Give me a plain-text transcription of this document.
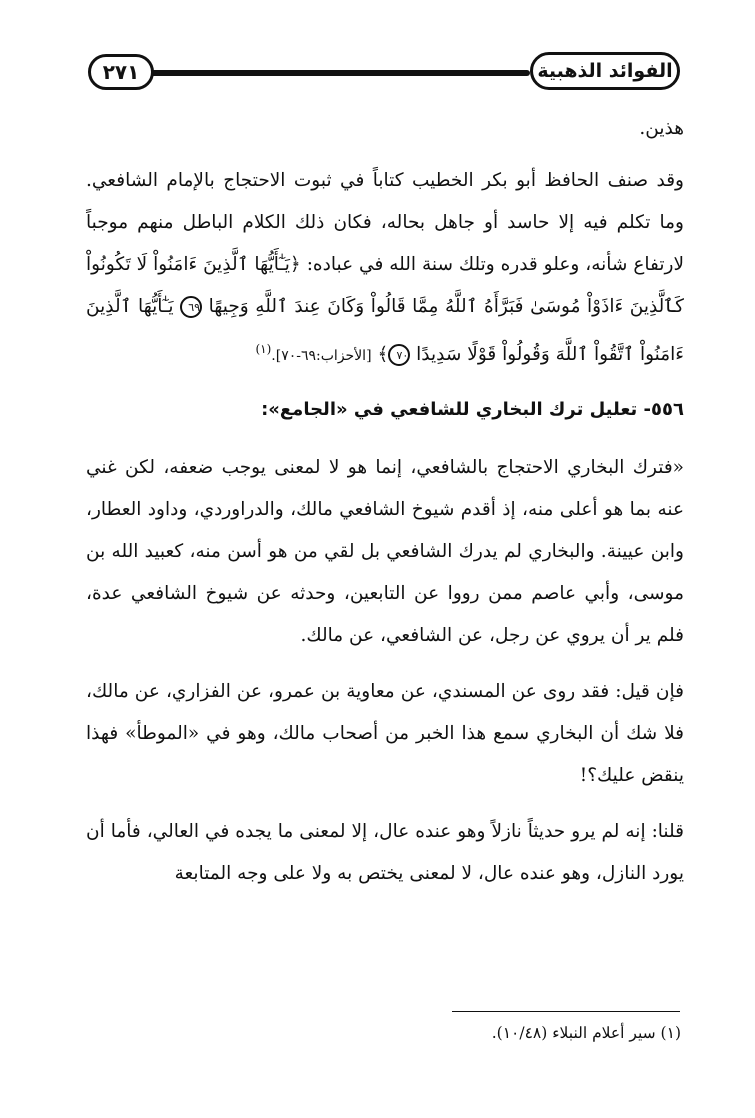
٢٧١	الفوائد الذهبية

هذين.

وقد صنف الحافظ أبو بكر الخطيب كتاباً في ثبوت الاحتجاج بالإمام الشافعي. وما تكلم فيه إلا حاسد أو جاهل بحاله، فكان ذلك الكلام الباطل منهم موجباً لارتفاع شأنه، وعلو قدره وتلك سنة الله في عباده: ﴿يَـٰٓأَيُّهَا ٱلَّذِينَ ءَامَنُواْ لَا تَكُونُواْ كَٱلَّذِينَ ءَاذَوْاْ مُوسَىٰ فَبَرَّأَهُ ٱللَّهُ مِمَّا قَالُواْ وَكَانَ عِندَ ٱللَّهِ وَجِيهًا ٦٩ يَـٰٓأَيُّهَا ٱلَّذِينَ ءَامَنُواْ ٱتَّقُواْ ٱللَّهَ وَقُولُواْ قَوْلًا سَدِيدًا ٧٠﴾ [الأحزاب:٦٩-٧٠].$^{(١)}$

٥٥٦- تعليل ترك البخاري للشافعي في «الجامع»:

«فترك البخاري الاحتجاج بالشافعي، إنما هو لا لمعنى يوجب ضعفه، لكن غني عنه بما هو أعلى منه، إذ أقدم شيوخ الشافعي مالك، والدراوردي، وداود العطار، وابن عيينة. والبخاري لم يدرك الشافعي بل لقي من هو أسن منه، كعبيد الله بن موسى، وأبي عاصم ممن رووا عن التابعين، وحدثه عن شيوخ الشافعي عدة، فلم ير أن يروي عن رجل، عن الشافعي، عن مالك.

فإن قيل: فقد روى عن المسندي، عن معاوية بن عمرو، عن الفزاري، عن مالك، فلا شك أن البخاري سمع هذا الخبر من أصحاب مالك، وهو في «الموطأ» فهذا ينقض عليك؟!

قلنا: إنه لم يرو حديثاً نازلاً وهو عنده عال، إلا لمعنى ما يجده في العالي، فأما أن يورد النازل، وهو عنده عال، لا لمعنى يختص به ولا على وجه المتابعة

(١) سير أعلام النبلاء (١٠/٤٨).
